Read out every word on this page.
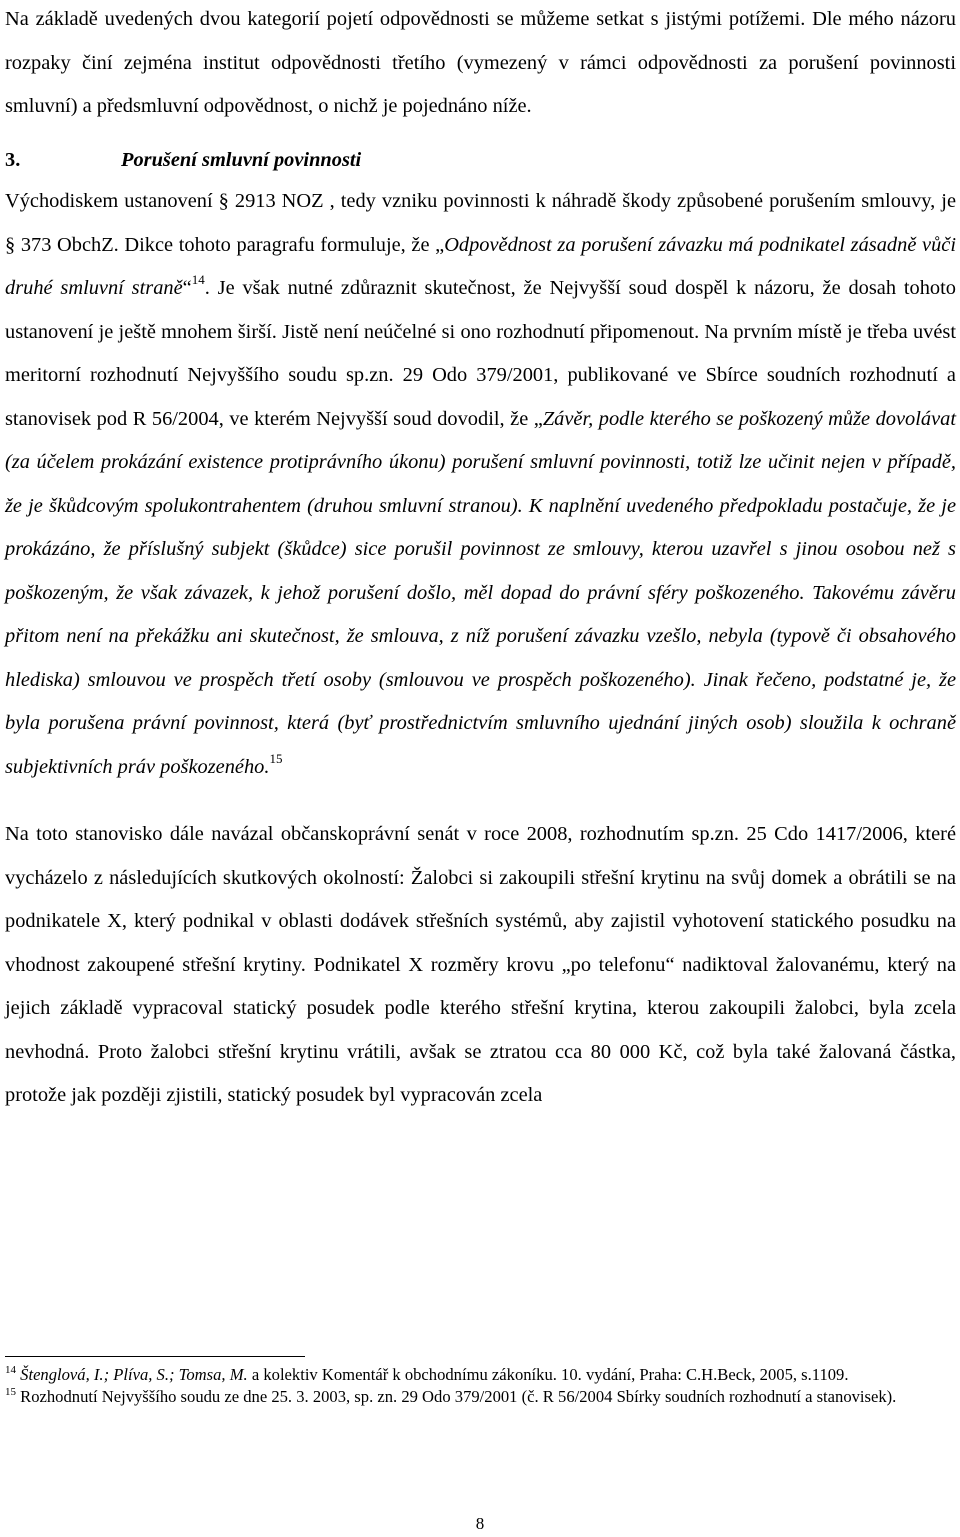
Na základě uvedených dvou kategorií pojetí odpovědnosti se můžeme setkat s jistými potížemi. Dle mého názoru rozpaky činí zejména institut odpovědnosti třetího (vymezený v rámci odpovědnosti za porušení povinnosti smluvní) a předsmluvní odpovědnost, o nichž je pojednáno níže.

3.	Porušení smluvní povinnosti

Východiskem ustanovení § 2913 NOZ , tedy vzniku povinnosti k náhradě škody způsobené porušením smlouvy, je § 373 ObchZ. Dikce tohoto paragrafu formuluje, že „Odpovědnost za porušení závazku má podnikatel zásadně vůči druhé smluvní straně“$^{14}$. Je však nutné zdůraznit skutečnost, že Nejvyšší soud dospěl k názoru, že dosah tohoto ustanovení je ještě mnohem širší. Jistě není neúčelné si ono rozhodnutí připomenout. Na prvním místě je třeba uvést meritorní rozhodnutí Nejvyššího soudu sp.zn. 29 Odo 379/2001, publikované ve Sbírce soudních rozhodnutí a stanovisek pod R 56/2004, ve kterém Nejvyšší soud dovodil, že „Závěr, podle kterého se poškozený může dovolávat (za účelem prokázání existence protiprávního úkonu) porušení smluvní povinnosti, totiž lze učinit nejen v případě, že je škůdcovým spolukontrahentem (druhou smluvní stranou). K naplnění uvedeného předpokladu postačuje, že je prokázáno, že příslušný subjekt (škůdce) sice porušil povinnost ze smlouvy, kterou uzavřel s jinou osobou než s poškozeným, že však závazek, k jehož porušení došlo, měl dopad do právní sféry poškozeného. Takovému závěru přitom není na překážku ani skutečnost, že smlouva, z níž porušení závazku vzešlo, nebyla (typově či obsahového hlediska) smlouvou ve prospěch třetí osoby (smlouvou ve prospěch poškozeného). Jinak řečeno, podstatné je, že byla porušena právní povinnost, která (byť prostřednictvím smluvního ujednání jiných osob) sloužila k ochraně subjektivních práv poškozeného.$^{15}$

Na toto stanovisko dále navázal občanskoprávní senát v roce 2008, rozhodnutím sp.zn. 25 Cdo 1417/2006, které vycházelo z následujících skutkových okolností: Žalobci si zakoupili střešní krytinu na svůj domek a obrátili se na podnikatele X, který podnikal v oblasti dodávek střešních systémů, aby zajistil vyhotovení statického posudku na vhodnost zakoupené střešní krytiny. Podnikatel X rozměry krovu „po telefonu“ nadiktoval žalovanému, který na jejich základě vypracoval statický posudek podle kterého střešní krytina, kterou zakoupili žalobci, byla zcela nevhodná. Proto žalobci střešní krytinu vrátili, avšak se ztratou cca 80 000 Kč, což byla také žalovaná částka, protože jak později zjistili, statický posudek byl vypracován zcela

$^{14}$ Štenglová, I.; Plíva, S.; Tomsa, M. a kolektiv Komentář k obchodnímu zákoníku. 10. vydání, Praha: C.H.Beck, 2005, s.1109.

$^{15}$ Rozhodnutí Nejvyššího soudu ze dne 25. 3. 2003, sp. zn. 29 Odo 379/2001 (č. R 56/2004 Sbírky soudních rozhodnutí a stanovisek).

8
